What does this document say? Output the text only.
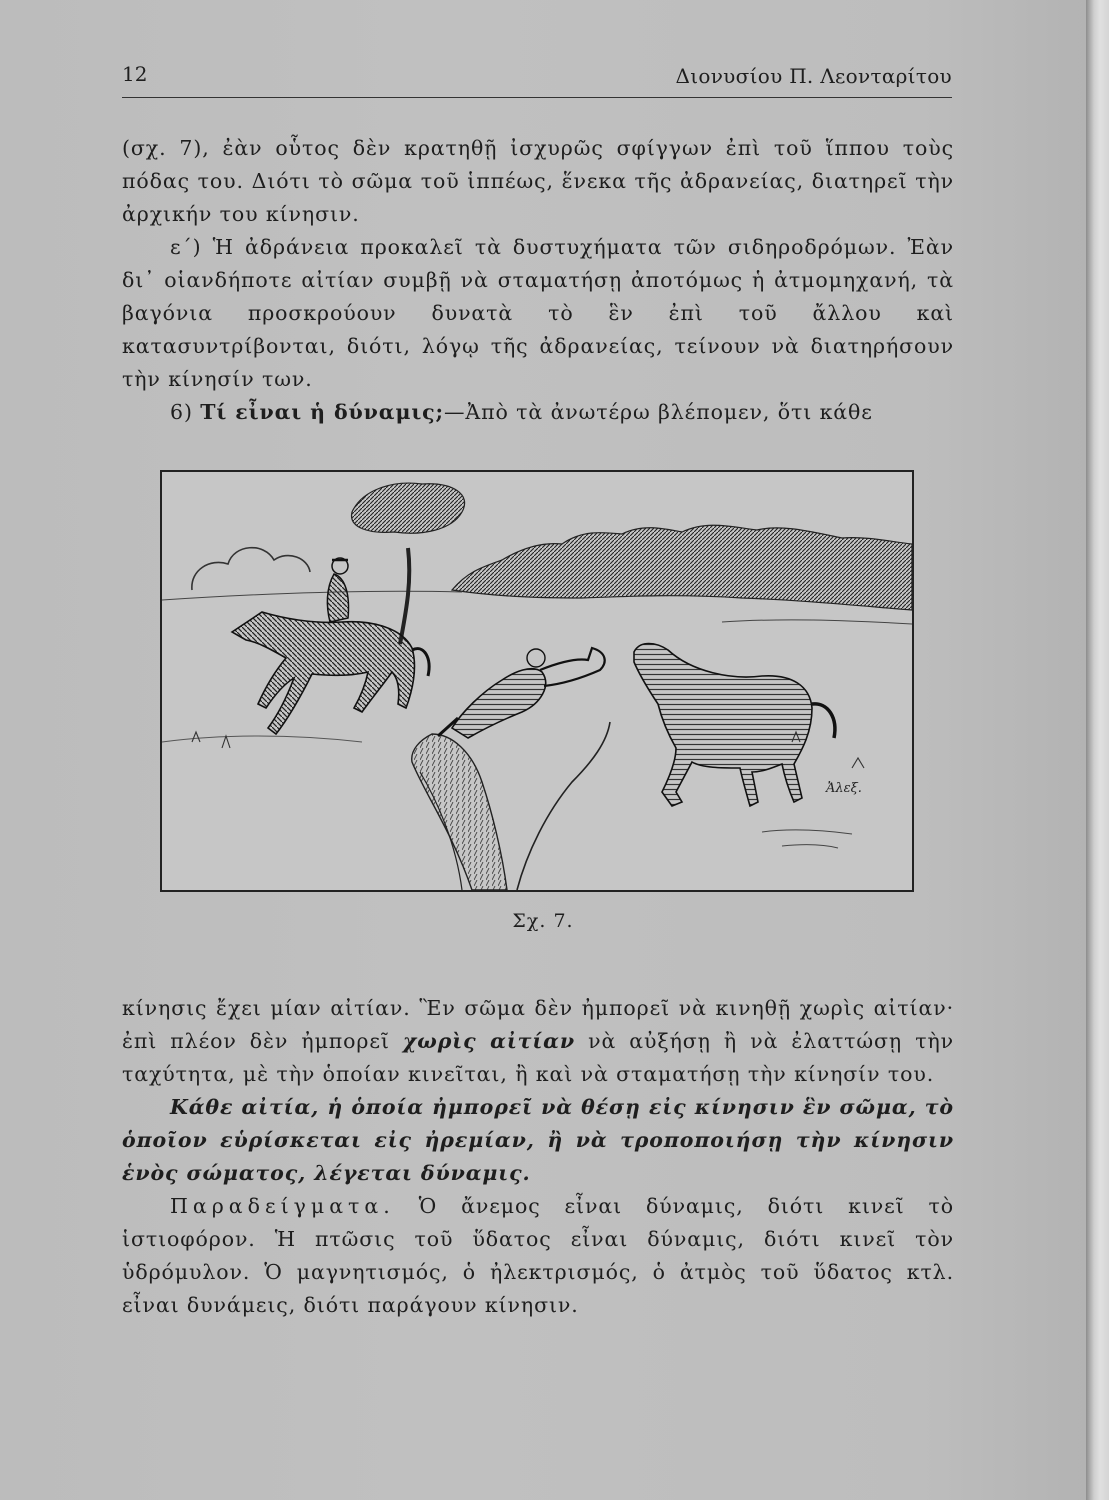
12	Διονυσίου Π. Λεονταρίτου

(σχ. 7), ἐὰν οὗτος δὲν κρατηθῇ ἰσχυρῶς σφίγγων ἐπὶ τοῦ ἵππου τοὺς πόδας του. Διότι τὸ σῶμα τοῦ ἱππέως, ἕνεκα τῆς ἀδρανείας, διατηρεῖ τὴν ἀρχικήν του κίνησιν.

ε΄) Ἡ ἀδράνεια προκαλεῖ τὰ δυστυχήματα τῶν σιδηροδρόμων. Ἐὰν δι᾽ οἱανδήποτε αἰτίαν συμβῇ νὰ σταματήσῃ ἀποτόμως ἡ ἀτμομηχανή, τὰ βαγόνια προσκρούουν δυνατὰ τὸ ἓν ἐπὶ τοῦ ἄλλου καὶ κατασυντρίβονται, διότι, λόγῳ τῆς ἀδρανείας, τείνουν νὰ διατηρήσουν τὴν κίνησίν των.

6) Τί εἶναι ἡ δύναμις;—Ἀπὸ τὰ ἀνωτέρω βλέπομεν, ὅτι κάθε

Ἀλεξ.
Σχ. 7.

κίνησις ἔχει μίαν αἰτίαν. Ἓν σῶμα δὲν ἠμπορεῖ νὰ κινηθῇ χωρὶς αἰτίαν· ἐπὶ πλέον δὲν ἠμπορεῖ χωρὶς αἰτίαν νὰ αὐξήσῃ ἢ νὰ ἐλαττώσῃ τὴν ταχύτητα, μὲ τὴν ὁποίαν κινεῖται, ἢ καὶ νὰ σταματήσῃ τὴν κίνησίν του.

Κάθε αἰτία, ἡ ὁποία ἠμπορεῖ νὰ θέσῃ εἰς κίνησιν ἓν σῶμα, τὸ ὁποῖον εὑρίσκεται εἰς ἠρεμίαν, ἢ νὰ τροποποιήσῃ τὴν κίνησιν ἑνὸς σώματος, λέγεται δύναμις.

Παραδείγματα. Ὁ ἄνεμος εἶναι δύναμις, διότι κινεῖ τὸ ἱστιοφόρον. Ἡ πτῶσις τοῦ ὕδατος εἶναι δύναμις, διότι κινεῖ τὸν ὑδρόμυλον. Ὁ μαγνητισμός, ὁ ἠλεκτρισμός, ὁ ἀτμὸς τοῦ ὕδατος κτλ. εἶναι δυνάμεις, διότι παράγουν κίνησιν.
